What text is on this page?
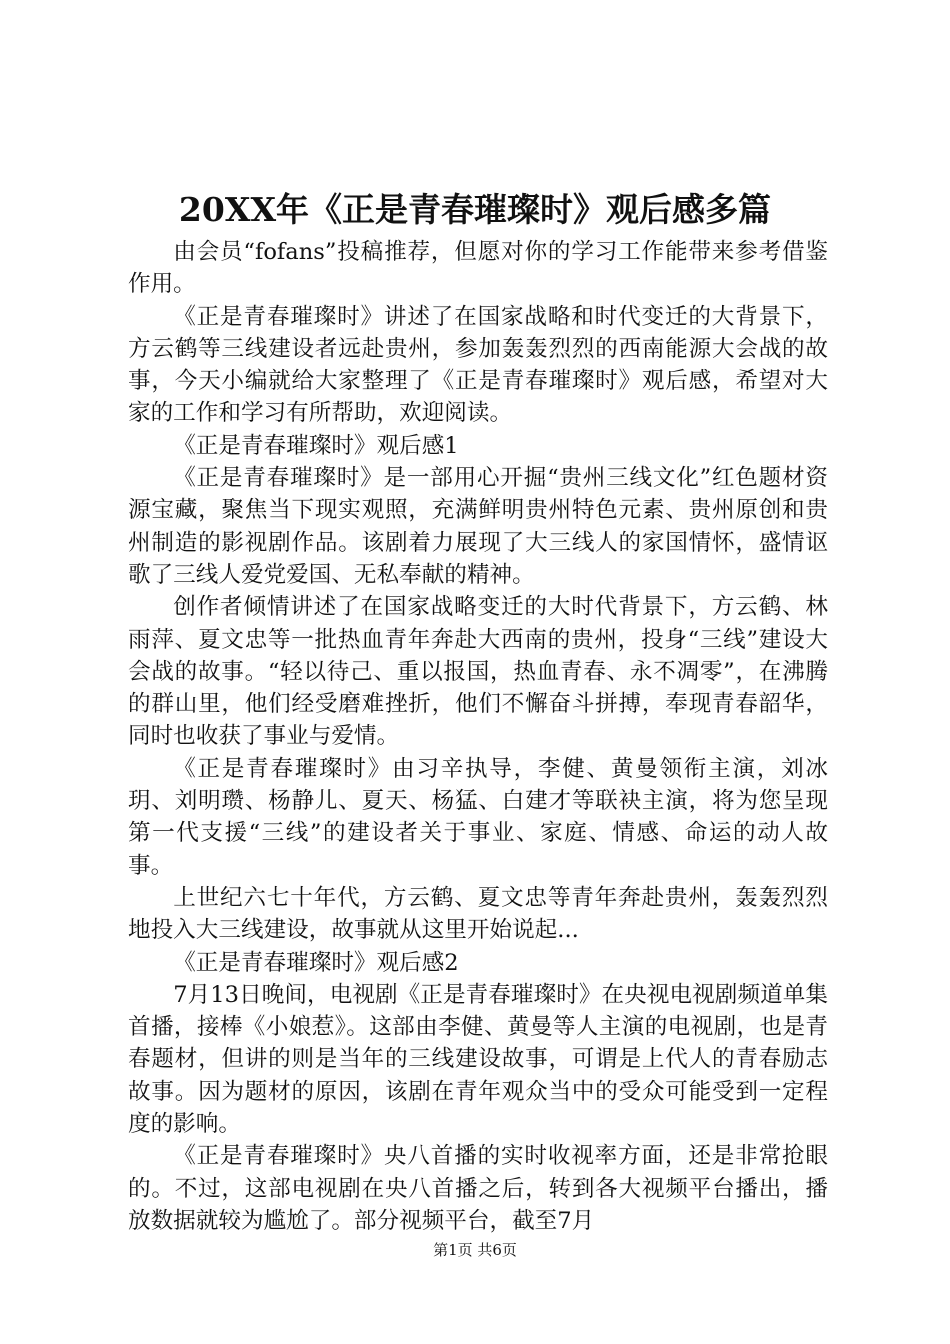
20XX年《正是青春璀璨时》观后感多篇

由会员“fofans”投稿推荐，但愿对你的学习工作能带来参考借鉴作用。

《正是青春璀璨时》讲述了在国家战略和时代变迁的大背景下，方云鹤等三线建设者远赴贵州，参加轰轰烈烈的西南能源大会战的故事，今天小编就给大家整理了《正是青春璀璨时》观后感，希望对大家的工作和学习有所帮助，欢迎阅读。

《正是青春璀璨时》观后感1

《正是青春璀璨时》是一部用心开掘“贵州三线文化”红色题材资源宝藏，聚焦当下现实观照，充满鲜明贵州特色元素、贵州原创和贵州制造的影视剧作品。该剧着力展现了大三线人的家国情怀，盛情讴歌了三线人爱党爱国、无私奉献的精神。

创作者倾情讲述了在国家战略变迁的大时代背景下，方云鹤、林雨萍、夏文忠等一批热血青年奔赴大西南的贵州，投身“三线”建设大会战的故事。“轻以待己、重以报国，热血青春、永不凋零”，在沸腾的群山里，他们经受磨难挫折，他们不懈奋斗拼搏，奉现青春韶华，同时也收获了事业与爱情。

《正是青春璀璨时》由习辛执导，李健、黄曼领衔主演，刘冰玥、刘明瓒、杨静儿、夏天、杨猛、白建才等联袂主演，将为您呈现第一代支援“三线”的建设者关于事业、家庭、情感、命运的动人故事。

上世纪六七十年代，方云鹤、夏文忠等青年奔赴贵州，轰轰烈烈地投入大三线建设，故事就从这里开始说起...

《正是青春璀璨时》观后感2

7月13日晚间，电视剧《正是青春璀璨时》在央视电视剧频道单集首播，接棒《小娘惹》。这部由李健、黄曼等人主演的电视剧，也是青春题材，但讲的则是当年的三线建设故事，可谓是上代人的青春励志故事。因为题材的原因，该剧在青年观众当中的受众可能受到一定程度的影响。

《正是青春璀璨时》央八首播的实时收视率方面，还是非常抢眼的。不过，这部电视剧在央八首播之后，转到各大视频平台播出，播放数据就较为尴尬了。部分视频平台，截至7月

第1页 共6页
